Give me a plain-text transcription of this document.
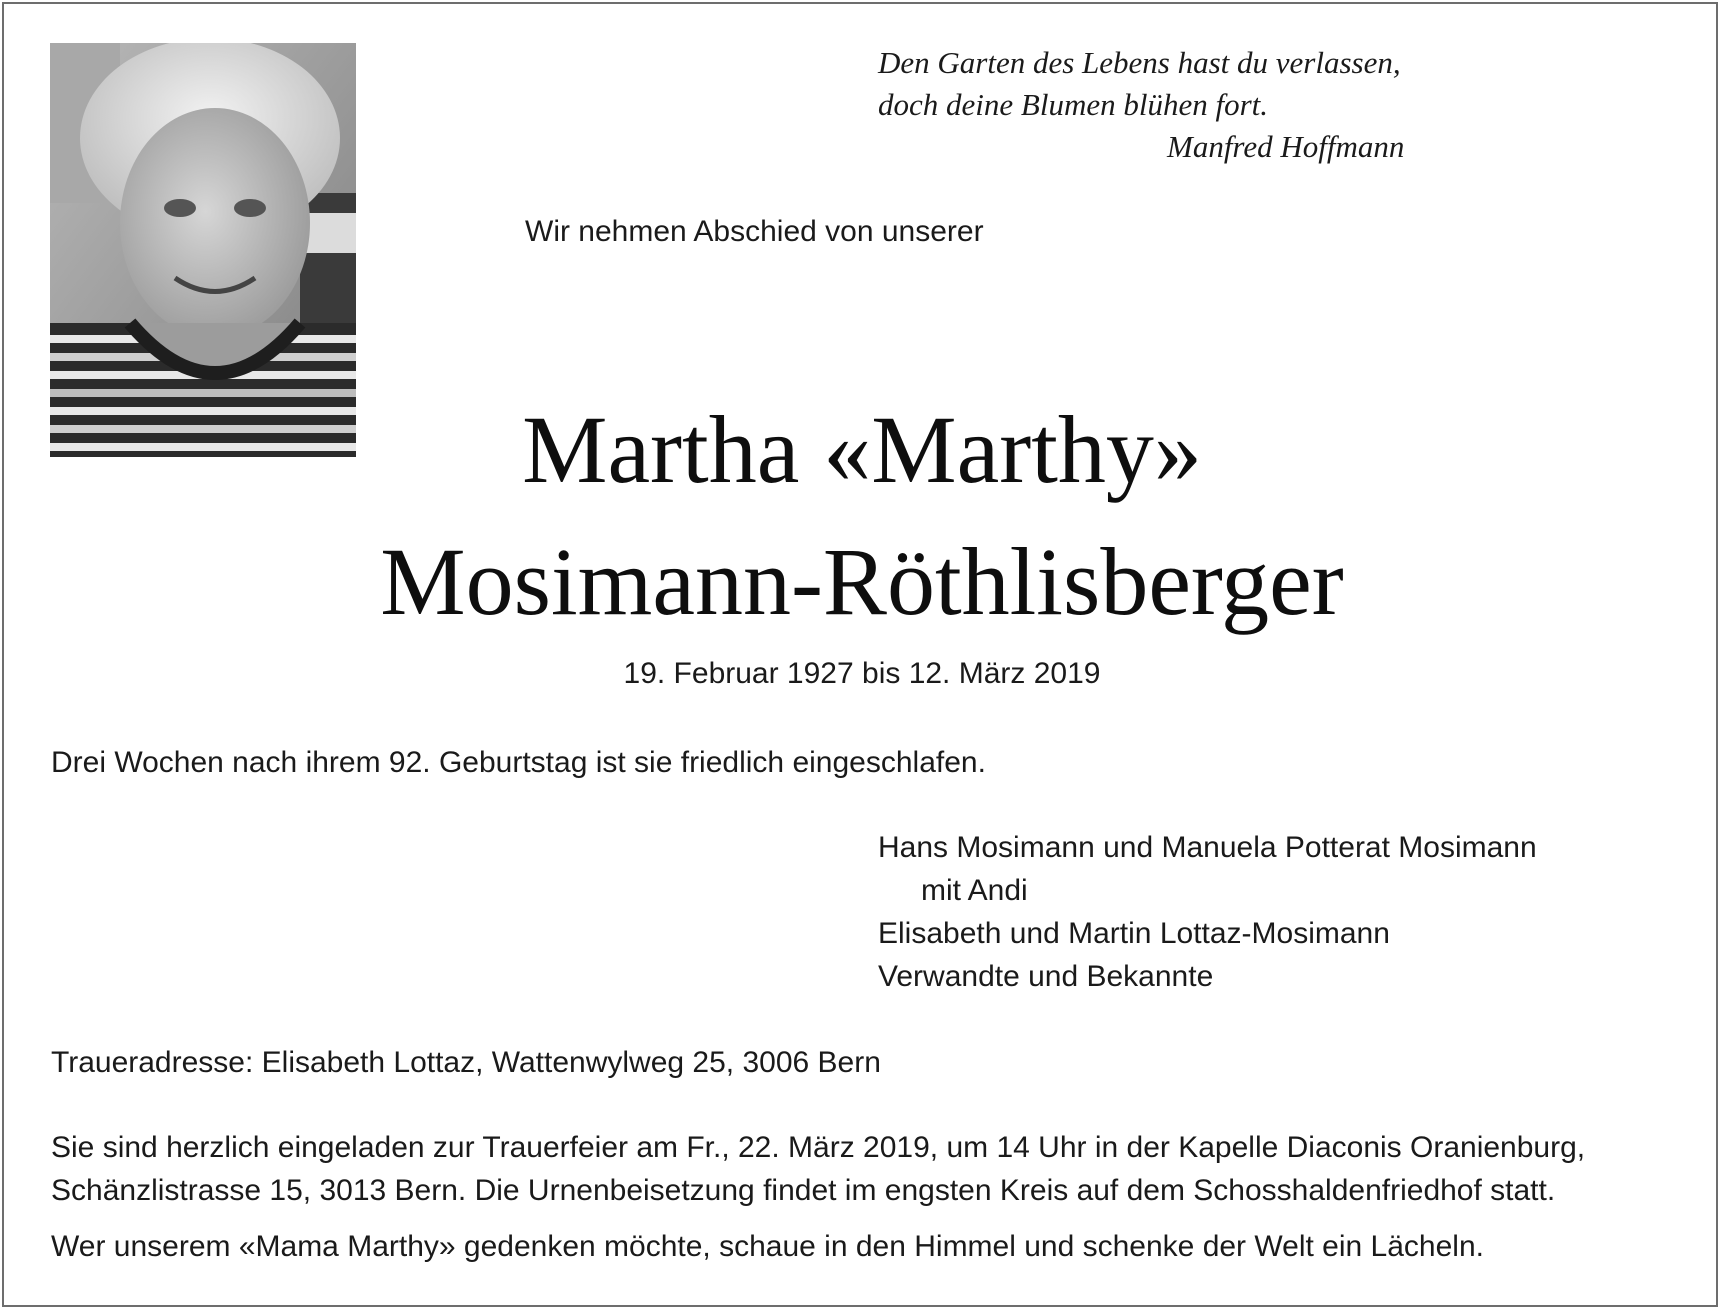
Den Garten des Lebens hast du verlassen,
doch deine Blumen blühen fort.
Manfred Hoffmann
Wir nehmen Abschied von unserer
Martha «Marthy»
Mosimann-Röthlisberger
19. Februar 1927 bis 12. März 2019
Drei Wochen nach ihrem 92. Geburtstag ist sie friedlich eingeschlafen.
Hans Mosimann und Manuela Potterat Mosimann
mit Andi
Elisabeth und Martin Lottaz-Mosimann
Verwandte und Bekannte
Traueradresse: Elisabeth Lottaz, Wattenwylweg 25, 3006 Bern
Sie sind herzlich eingeladen zur Trauerfeier am Fr., 22. März 2019, um 14 Uhr in der Kapelle Diaconis Oranienburg,
Schänzlistrasse 15, 3013 Bern. Die Urnenbeisetzung findet im engsten Kreis auf dem Schosshaldenfriedhof statt.
Wer unserem «Mama Marthy» gedenken möchte, schaue in den Himmel und schenke der Welt ein Lächeln.
